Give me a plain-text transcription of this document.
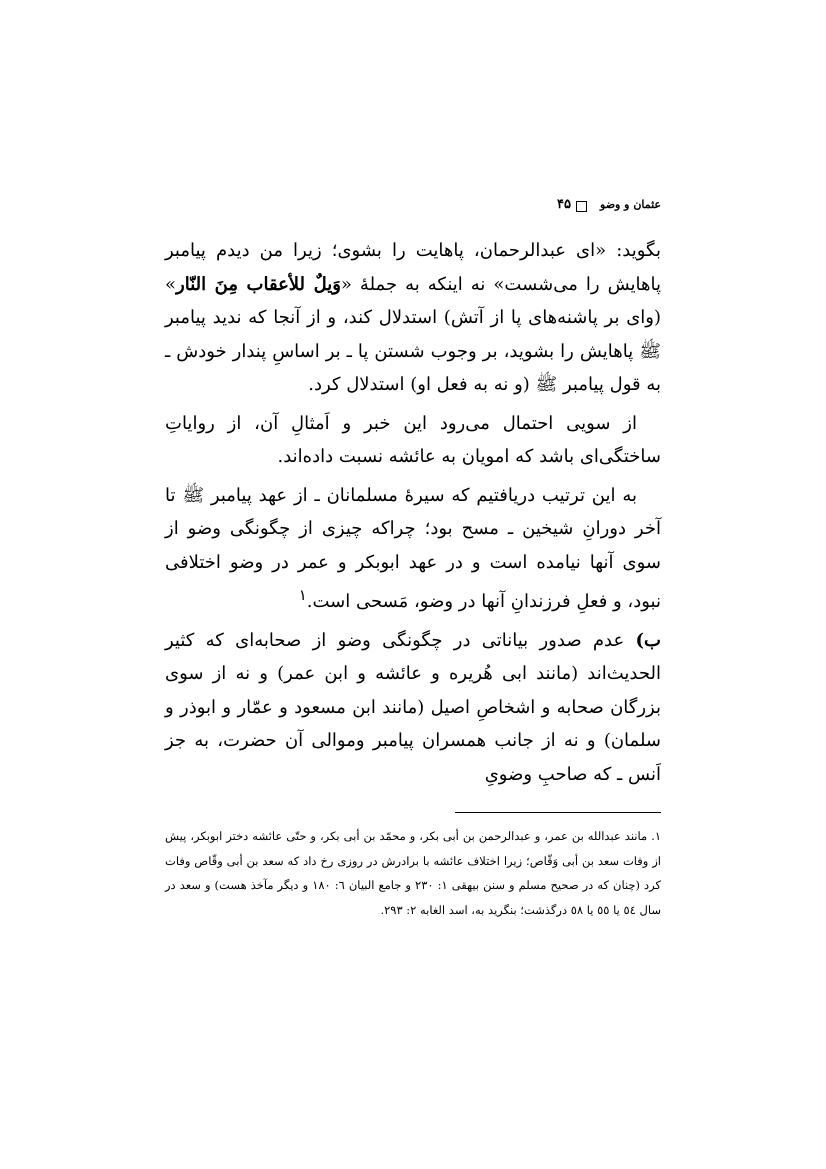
عثمان و وضو
۴۵

بگوید: «ای عبدالرحمان، پاهایت را بشوی؛ زیرا من دیدم پیامبر پاهایش را می‌شست» نه اینکه به جملهٔ «وَيلٌ للأعقاب مِنَ النّار» (وای بر پاشنه‌های پا از آتش) استدلال کند، و از آنجا که ندید پیامبر ﷺ پاهایش را بشوید، بر وجوب شستن پا ـ بر اساسِ پندار خودش ـ به قول پیامبر ﷺ (و نه به فعل او) استدلال کرد.

از سویی احتمال می‌رود این خبر و اَمثالِ آن، از روایاتِ ساختگی‌ای باشد که امویان به عائشه نسبت داده‌اند.

به این ترتیب دریافتیم که سیرهٔ مسلمانان ـ از عهد پیامبر ﷺ تا آخر دورانِ شیخین ـ مسح بود؛ چراکه چیزی از چگونگی وضو از سوی آنها نیامده است و در عهد ابوبکر و عمر در وضو اختلافی نبود، و فعلِ فرزندانِ آنها در وضو، مَسحی است.$^۱$

ب) عدم صدور بیاناتی در چگونگی وضو از صحابه‌ای که کثیر الحدیث‌اند (مانند ابی هُریره و عائشه و ابن عمر) و نه از سوی بزرگان صحابه و اشخاصِ اصیل (مانند ابن مسعود و عمّار و ابوذر و سلمان) و نه از جانب همسران پیامبر وموالی آن حضرت، به جز اَنس ـ که صاحبِ وضویِ

۱. مانند عبدالله بن عمر، و عبدالرحمن بن أبی بکر، و محمّد بن أبی بکر، و حتّی عائشه دختر ابوبکر، پیش از وفات سعد بن أبی وَقّاص؛ زیرا اختلاف عائشه با برادرش در روزی رخ داد که سعد بن أبی وقّاص وفات کرد (چنان که در صحیح مسلم و سنن بیهقی ۱: ۲۳۰ و جامع البیان ٦: ۱۸۰ و دیگر مآخذ هست) و سعد در سال ٥٤ یا ٥٥ یا ٥٨ درگذشت؛ بنگرید به، اسد الغابه ۲: ۲۹۳.
